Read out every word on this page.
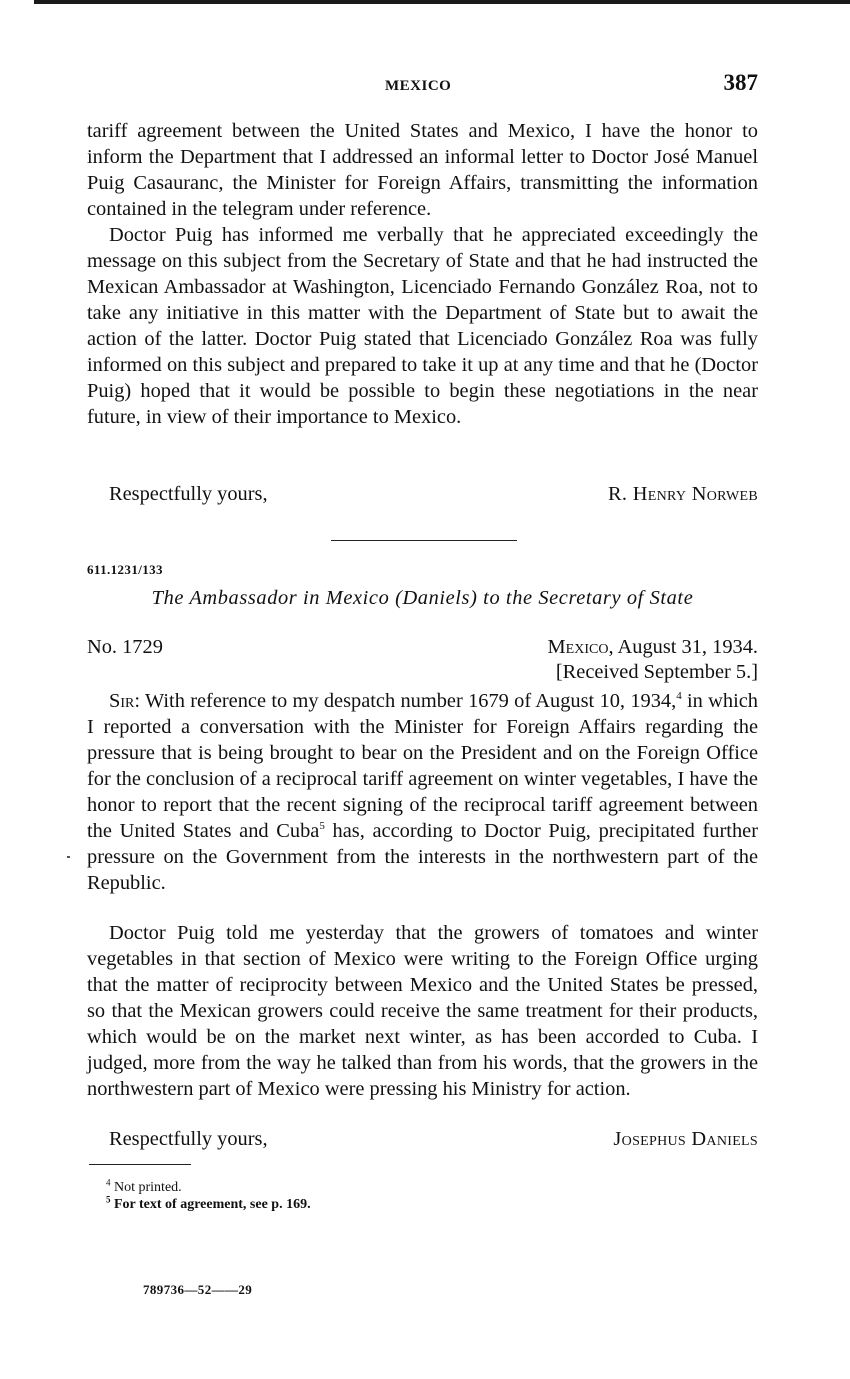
MEXICO	387

tariff agreement between the United States and Mexico, I have the honor to inform the Department that I addressed an informal letter to Doctor José Manuel Puig Casauranc, the Minister for Foreign Affairs, transmitting the information contained in the telegram under reference.

Doctor Puig has informed me verbally that he appreciated exceedingly the message on this subject from the Secretary of State and that he had instructed the Mexican Ambassador at Washington, Licenciado Fernando González Roa, not to take any initiative in this matter with the Department of State but to await the action of the latter. Doctor Puig stated that Licenciado González Roa was fully informed on this subject and prepared to take it up at any time and that he (Doctor Puig) hoped that it would be possible to begin these negotiations in the near future, in view of their importance to Mexico.

Respectfully yours,	R. Henry Norweb
611.1231/133
The Ambassador in Mexico (Daniels) to the Secretary of State
No. 1729	Mexico, August 31, 1934.
[Received September 5.]

Sir: With reference to my despatch number 1679 of August 10, 1934,$^4$ in which I reported a conversation with the Minister for Foreign Affairs regarding the pressure that is being brought to bear on the President and on the Foreign Office for the conclusion of a reciprocal tariff agreement on winter vegetables, I have the honor to report that the recent signing of the reciprocal tariff agreement between the United States and Cuba$^5$ has, according to Doctor Puig, precipitated further pressure on the Government from the interests in the northwestern part of the Republic.

Doctor Puig told me yesterday that the growers of tomatoes and winter vegetables in that section of Mexico were writing to the Foreign Office urging that the matter of reciprocity between Mexico and the United States be pressed, so that the Mexican growers could receive the same treatment for their products, which would be on the market next winter, as has been accorded to Cuba. I judged, more from the way he talked than from his words, that the growers in the northwestern part of Mexico were pressing his Ministry for action.

Respectfully yours,	Josephus Daniels
$^4$ Not printed.
$^5$ For text of agreement, see p. 169.
789736—52——29
